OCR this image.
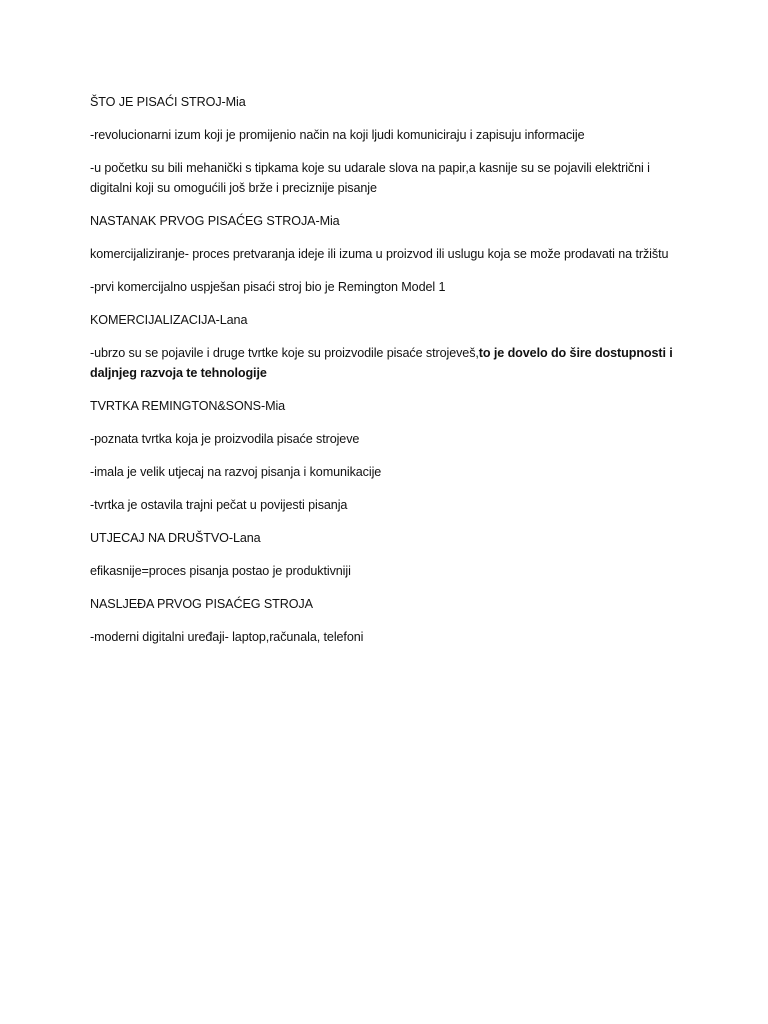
ŠTO JE PISAĆI STROJ-Mia

-revolucionarni izum koji je promijenio način na koji ljudi komuniciraju i zapisuju informacije

-u početku su bili mehanički s tipkama koje su udarale slova na papir,a kasnije su se pojavili električni i digitalni koji su omogućili još brže i preciznije pisanje

NASTANAK PRVOG PISAĆEG STROJA-Mia

komercijaliziranje- proces pretvaranja ideje ili izuma u proizvod ili uslugu koja se može prodavati na tržištu

-prvi komercijalno uspješan pisaći stroj bio je Remington Model 1

KOMERCIJALIZACIJA-Lana

-ubrzo su se pojavile i druge tvrtke koje su proizvodile pisaće strojeveš,to je dovelo do šire dostupnosti i daljnjeg razvoja te tehnologije

TVRTKA REMINGTON&SONS-Mia

-poznata tvrtka koja je proizvodila pisaće strojeve

-imala je velik utjecaj na razvoj pisanja i komunikacije

-tvrtka je ostavila trajni pečat u povijesti pisanja

UTJECAJ NA DRUŠTVO-Lana

efikasnije=proces pisanja postao je produktivniji

NASLJEĐA PRVOG PISAĆEG STROJA

-moderni digitalni uređaji- laptop,računala, telefoni
